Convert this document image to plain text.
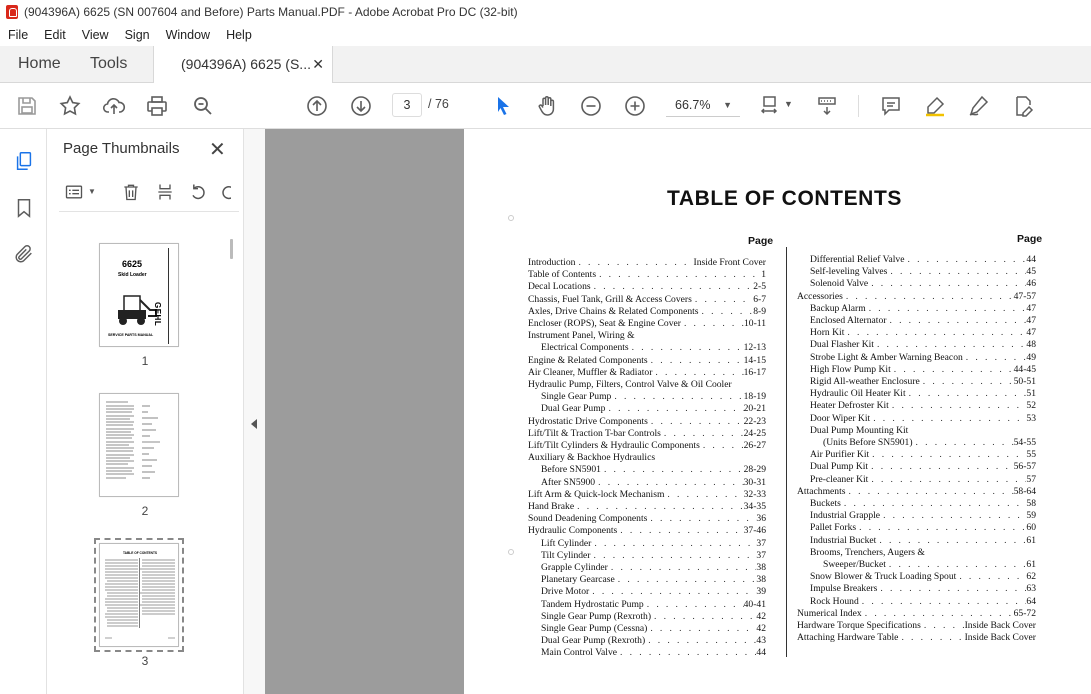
(904396A) 6625 (SN 007604 and Before) Parts Manual.PDF - Adobe Acrobat Pro DC (32-bit)
File	Edit	View	Sign	Window	Help
Home Tools	(904396A) 6625 (S... ✕
3	/ 76	66.7% ▼	▼
Page Thumbnails ✕
▼
6625
Skid Loader
SERVICE PARTS MANUAL
GEHL
1
2
TABLE OF CONTENTS
3
TABLE OF CONTENTS
Page	Page
Introduction . . .	Inside Front Cover
Table of Contents . . .	1
Decal Locations . . .	2-5
Chassis, Fuel Tank, Grill & Access Covers . . .	6-7
Axles, Drive Chains & Related Components . . .	8-9
Encloser (ROPS), Seat & Engine Cover . . .	10-11
Instrument Panel, Wiring &
Electrical Components . . .	12-13
Engine & Related Components . . .	14-15
Air Cleaner, Muffler & Radiator . . .	16-17
Hydraulic Pump, Filters, Control Valve & Oil Cooler
Single Gear Pump . . .	18-19
Dual Gear Pump . . .	20-21
Hydrostatic Drive Components . . .	22-23
Lift/Tilt & Traction T-bar Controls . . .	24-25
Lift/Tilt Cylinders & Hydraulic Components . . .	26-27
Auxiliary & Backhoe Hydraulics
Before SN5901 . . .	28-29
After SN5900 . . .	30-31
Lift Arm & Quick-lock Mechanism . . .	32-33
Hand Brake . . .	34-35
Sound Deadening Components . . .	36
Hydraulic Components . . .	37-46
Lift Cylinder . . .	37
Tilt Cylinder . . .	37
Grapple Cylinder . . .	38
Planetary Gearcase . . .	38
Drive Motor . . .	39
Tandem Hydrostatic Pump . . .	40-41
Single Gear Pump (Rexroth) . . .	42
Single Gear Pump (Cessna) . . .	42
Dual Gear Pump (Rexroth) . . .	43
Main Control Valve . . .	44
Differential Relief Valve . . .	44
Self-leveling Valves . . .	45
Solenoid Valve . . .	46
Accessories . . .	47-57
Backup Alarm . . .	47
Enclosed Alternator . . .	47
Horn Kit . . .	47
Dual Flasher Kit . . .	48
Strobe Light & Amber Warning Beacon . . .	49
High Flow Pump Kit . . .	44-45
Rigid All-weather Enclosure . . .	50-51
Hydraulic Oil Heater Kit . . .	51
Heater Defroster Kit . . .	52
Door Wiper Kit . . .	53
Dual Pump Mounting Kit
(Units Before SN5901) . . .	54-55
Air Purifier Kit . . .	55
Dual Pump Kit . . .	56-57
Pre-cleaner Kit . . .	57
Attachments . . .	58-64
Buckets . . .	58
Industrial Grapple . . .	59
Pallet Forks . . .	60
Industrial Bucket . . .	61
Brooms, Trenchers, Augers &
Sweeper/Bucket . . .	61
Snow Blower & Truck Loading Spout . . .	62
Impulse Breakers . . .	63
Rock Hound . . .	64
Numerical Index . . .	65-72
Hardware Torque Specifications . . .	Inside Back Cover
Attaching Hardware Table . . .	Inside Back Cover
